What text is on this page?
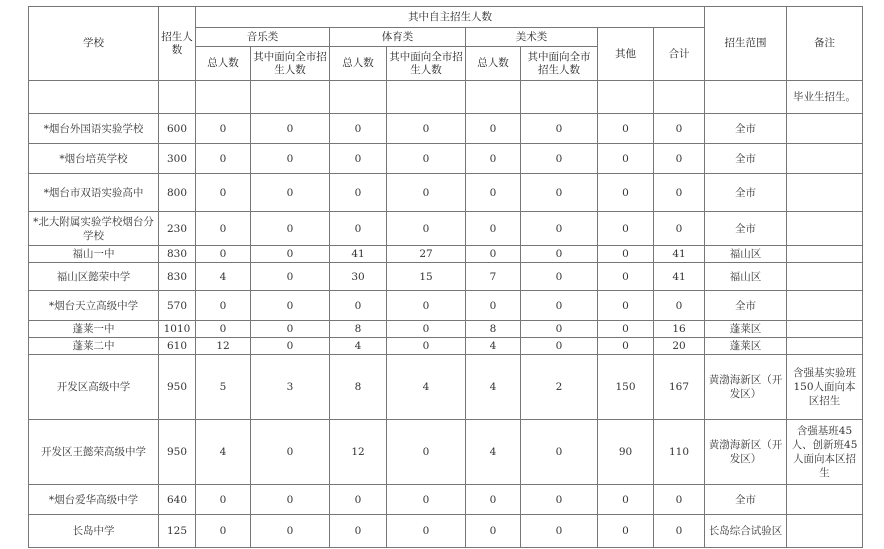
学校	招生人数	其中自主招生人数								招生范围	备注
		音乐类		体育类		美术类		其他	合计		
		总人数	其中面向全市招生人数	总人数	其中面向全市招生人数	总人数	其中面向全市招生人数				
											毕业生招生。
*烟台外国语实验学校	600	0	0	0	0	0	0	0	0	全市	
*烟台培英学校	300	0	0	0	0	0	0	0	0	全市	
*烟台市双语实验高中	800	0	0	0	0	0	0	0	0	全市	
*北大附属实验学校烟台分学校	230	0	0	0	0	0	0	0	0	全市	
福山一中	830	0	0	41	27	0	0	0	41	福山区	
福山区懿荣中学	830	4	0	30	15	7	0	0	41	福山区	
*烟台天立高级中学	570	0	0	0	0	0	0	0	0	全市	
蓬莱一中	1010	0	0	8	0	8	0	0	16	蓬莱区	
蓬莱二中	610	12	0	4	0	4	0	0	20	蓬莱区	
开发区高级中学	950	5	3	8	4	4	2	150	167	黄渤海新区（开发区）	含强基实验班150人面向本区招生
开发区王懿荣高级中学	950	4	0	12	0	4	0	90	110	黄渤海新区（开发区）	含强基班45人、创新班45人面向本区招生
*烟台爱华高级中学	640	0	0	0	0	0	0	0	0	全市	
长岛中学	125	0	0	0	0	0	0	0	0	长岛综合试验区	
